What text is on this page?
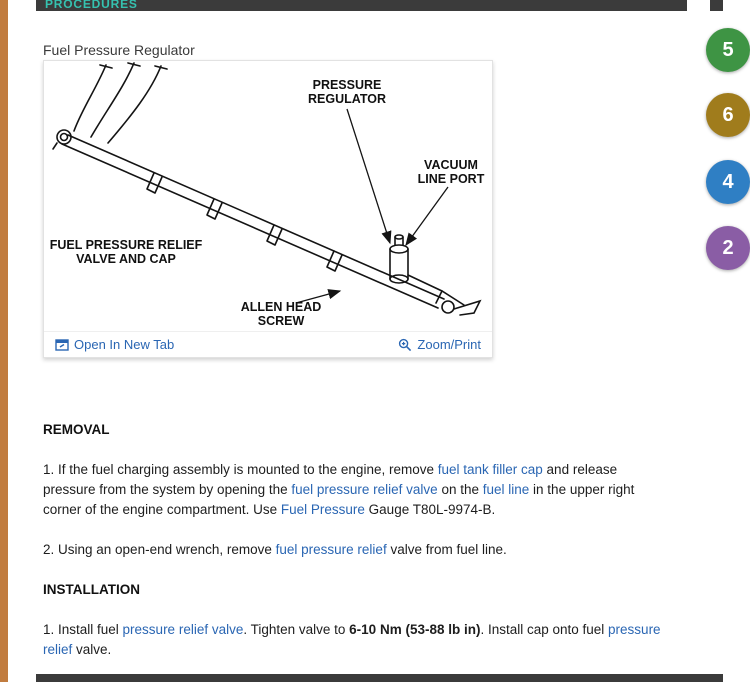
PROCEDURES
Fuel Pressure Regulator
PRESSURE
REGULATOR
VACUUM
LINE PORT
FUEL PRESSURE RELIEF
VALVE AND CAP
ALLEN HEAD
SCREW
Open In New Tab	Zoom/Print
REMOVAL

1. If the fuel charging assembly is mounted to the engine, remove fuel tank filler cap and release pressure from the system by opening the fuel pressure relief valve on the fuel line in the upper right corner of the engine compartment. Use Fuel Pressure Gauge T80L-9974-B.

2. Using an open-end wrench, remove fuel pressure relief valve from fuel line.

INSTALLATION

1. Install fuel pressure relief valve. Tighten valve to 6-10 Nm (53-88 lb in). Install cap onto fuel pressure relief valve.

5
6
4
2
